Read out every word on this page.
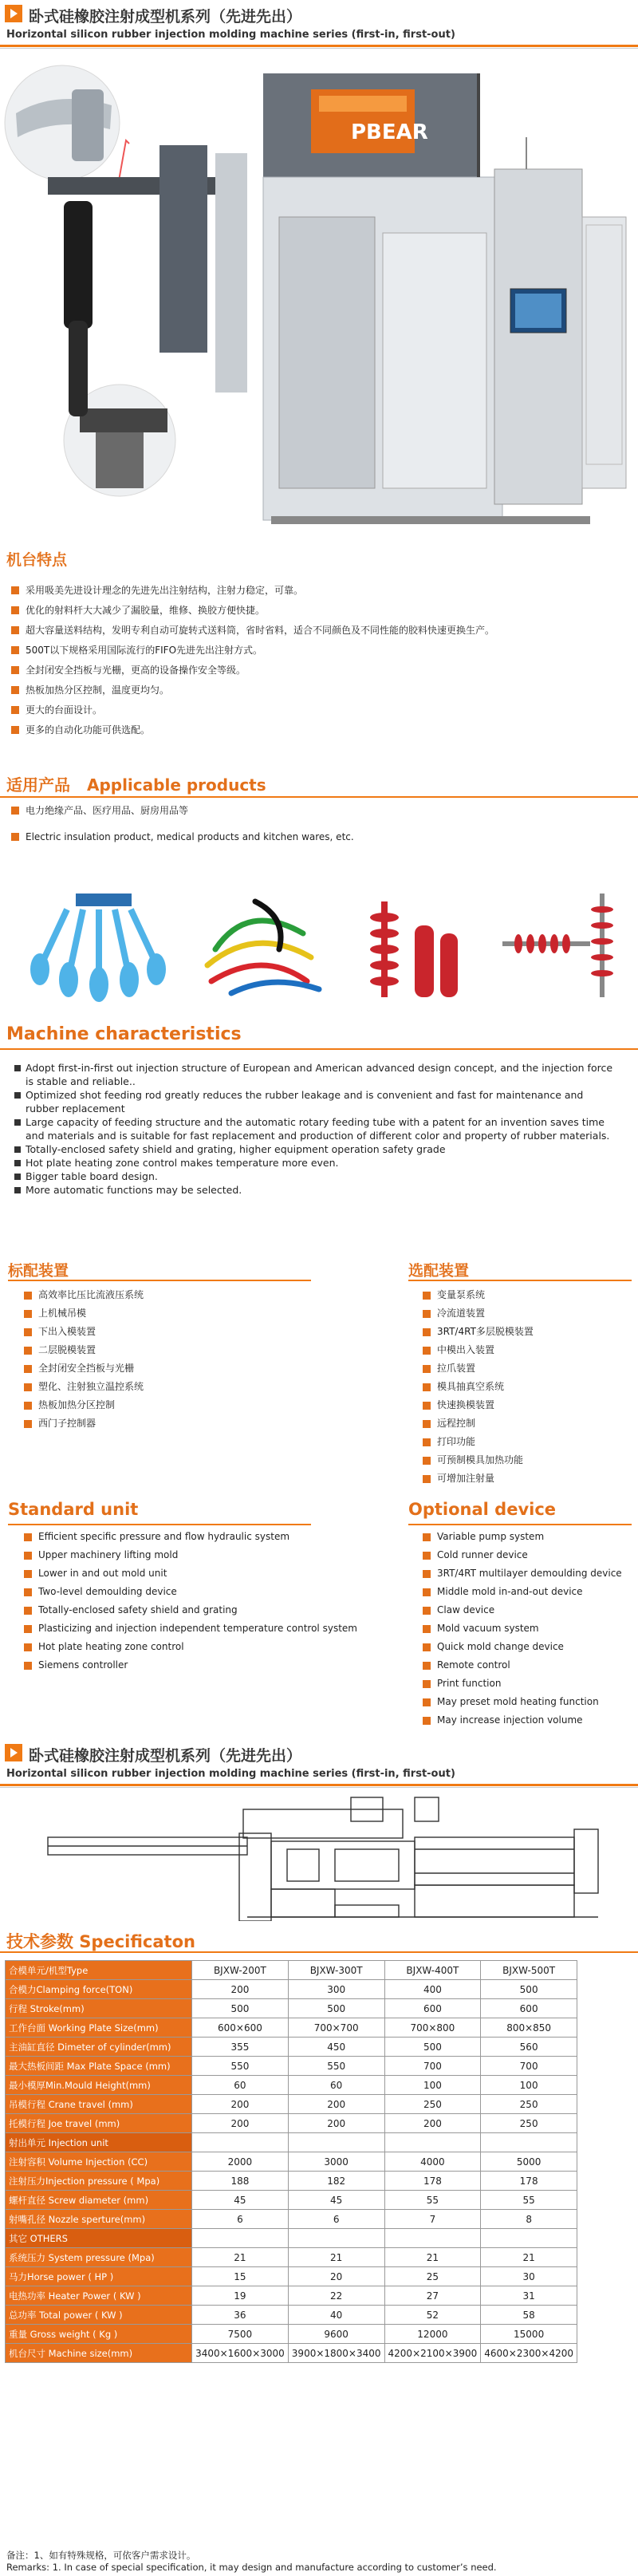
卧式硅橡胶注射成型机系列（先进先出）
Horizontal silicon rubber injection molding machine series (first-in, first-out)
PBEAR
机台特点
采用吸美先进设计理念的先进先出注射结构，注射力稳定，可靠。
优化的射料杆大大减少了漏胶量，维修、换胶方便快捷。
超大容量送料结构，发明专利自动可旋转式送料筒，省时省料，适合不同颜色及不同性能的胶料快速更换生产。
500T以下规格采用国际流行的FIFO先进先出注射方式。
全封闭安全挡板与光栅，更高的设备操作安全等级。
热板加热分区控制，温度更均匀。
更大的台面设计。
更多的自动化功能可供选配。
适用产品 Applicable products
电力绝缘产品、医疗用品、厨房用品等
Electric insulation product, medical products and kitchen wares, etc.
Machine characteristics
Adopt first-in-first out injection structure of European and American advanced design concept, and the injection force is stable and reliable..
Optimized shot feeding rod greatly reduces the rubber leakage and is convenient and fast for maintenance and rubber replacement
Large capacity of feeding structure and the automatic rotary feeding tube with a patent for an invention saves time and materials and is suitable for fast replacement and production of different color and property of rubber materials.
Totally-enclosed safety shield and grating, higher equipment operation safety grade
Hot plate heating zone control makes temperature more even.
Bigger table board design.
More automatic functions may be selected.
标配装置
高效率比压比流液压系统
上机械吊模
下出入模装置
二层脱模装置
全封闭安全挡板与光栅
塑化、注射独立温控系统
热板加热分区控制
西门子控制器
选配装置
变量泵系统
冷流道装置
3RT/4RT多层脱模装置
中模出入装置
拉爪装置
模具抽真空系统
快速换模装置
远程控制
打印功能
可预制模具加热功能
可增加注射量
Standard unit
Efficient specific pressure and flow hydraulic system
Upper machinery lifting mold
Lower in and out mold unit
Two-level demoulding device
Totally-enclosed safety shield and grating
Plasticizing and injection independent temperature control system
Hot plate heating zone control
Siemens controller
Optional device
Variable pump system
Cold runner device
3RT/4RT multilayer demoulding device
Middle mold in-and-out device
Claw device
Mold vacuum system
Quick mold change device
Remote control
Print function
May preset mold heating function
May increase injection volume
卧式硅橡胶注射成型机系列（先进先出）
Horizontal silicon rubber injection molding machine series (first-in, first-out)
技术参数 Specificaton
合模单元/机型Type	BJXW-200T	BJXW-300T	BJXW-400T	BJXW-500T
合模力Clamping force(TON)	200	300	400	500
行程 Stroke(mm)	500	500	600	600
工作台面 Working Plate Size(mm)	600×600	700×700	700×800	800×850
主油缸直径 Dimeter of cylinder(mm)	355	450	500	560
最大热板间距 Max Plate Space (mm)	550	550	700	700
最小模厚Min.Mould Height(mm)	60	60	100	100
吊模行程 Crane travel (mm)	200	200	250	250
托模行程 Joe travel (mm)	200	200	200	250
射出单元 Injection unit				
注射容积 Volume Injection (CC)	2000	3000	4000	5000
注射压力Injection pressure ( Mpa)	188	182	178	178
螺杆直径 Screw diameter (mm)	45	45	55	55
射嘴孔径 Nozzle sperture(mm)	6	6	7	8
其它 OTHERS				
系统压力 System pressure (Mpa)	21	21	21	21
马力Horse power ( HP )	15	20	25	30
电热功率 Heater Power ( KW )	19	22	27	31
总功率 Total power ( KW )	36	40	52	58
重量 Gross weight ( Kg )	7500	9600	12000	15000
机台尺寸 Machine size(mm)	3400×1600×3000	3900×1800×3400	4200×2100×3900	4600×2300×4200
备注：1、如有特殊规格，可依客户需求设计。
Remarks: 1. In case of special specification, it may design and manufacture according to customer’s need.
